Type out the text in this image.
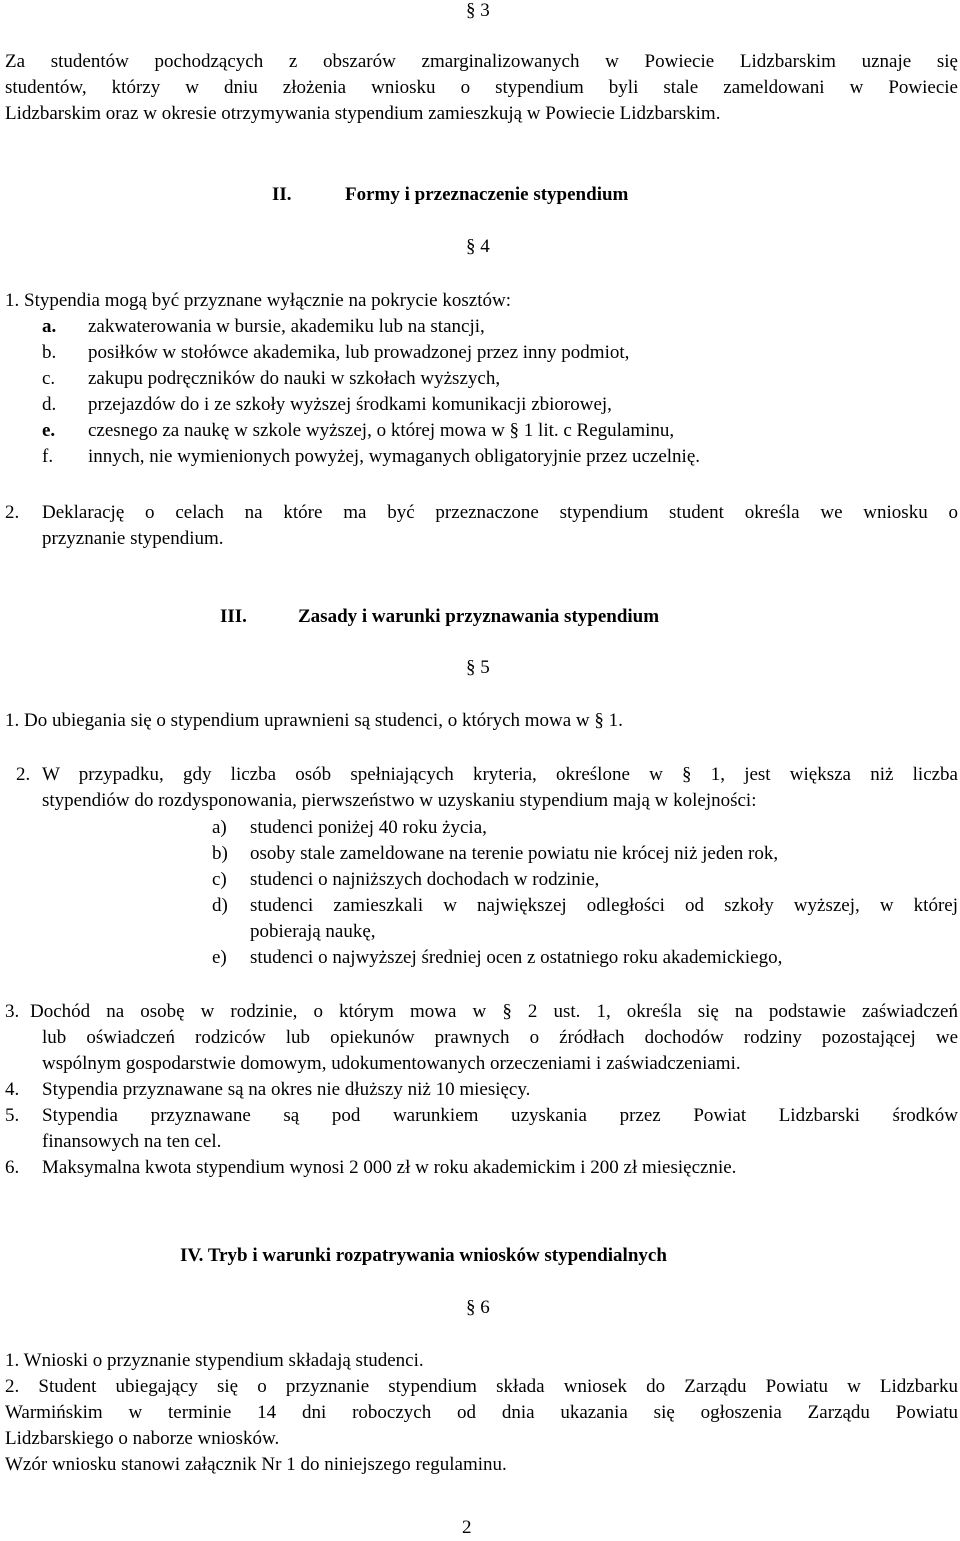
§ 3
Za studentów pochodzących z obszarów zmarginalizowanych w Powiecie Lidzbarskim uznaje się
studentów, którzy w dniu złożenia wniosku o stypendium byli stale zameldowani w Powiecie
Lidzbarskim oraz w okresie otrzymywania stypendium zamieszkują w Powiecie Lidzbarskim.
II.	Formy i przeznaczenie stypendium
§ 4
1. Stypendia mogą być przyznane wyłącznie na pokrycie kosztów:
a. zakwaterowania w bursie, akademiku lub na stancji,
b. posiłków w stołówce akademika, lub prowadzonej przez inny podmiot,
c. zakupu podręczników do nauki w szkołach wyższych,
d. przejazdów do i ze szkoły wyższej środkami komunikacji zbiorowej,
e. czesnego za naukę w szkole wyższej, o której mowa w § 1 lit. c Regulaminu,
f. innych, nie wymienionych powyżej, wymaganych obligatoryjnie przez uczelnię.
2. Deklarację o celach na które ma być przeznaczone stypendium student określa we wniosku o
przyznanie stypendium.
III.	Zasady i warunki przyznawania stypendium
§ 5
1. Do ubiegania się o stypendium uprawnieni są studenci, o których mowa w § 1.
2. W przypadku, gdy liczba osób spełniających kryteria, określone w § 1, jest większa niż liczba
stypendiów do rozdysponowania, pierwszeństwo w uzyskaniu stypendium mają w kolejności:
a) studenci poniżej 40 roku życia,
b) osoby stale zameldowane na terenie powiatu nie krócej niż jeden rok,
c) studenci o najniższych dochodach w rodzinie,
d) studenci zamieszkali w największej odległości od szkoły wyższej, w której
pobierają naukę,
e) studenci o najwyższej średniej ocen z ostatniego roku akademickiego,
3. Dochód na osobę w rodzinie, o którym mowa w § 2 ust. 1, określa się na podstawie zaświadczeń
lub oświadczeń rodziców lub opiekunów prawnych o źródłach dochodów rodziny pozostającej we
wspólnym gospodarstwie domowym, udokumentowanych orzeczeniami i zaświadczeniami.
4. Stypendia przyznawane są na okres nie dłuższy niż 10 miesięcy.
5. Stypendia przyznawane są pod warunkiem uzyskania przez Powiat Lidzbarski środków
finansowych na ten cel.
6. Maksymalna kwota stypendium wynosi 2 000 zł w roku akademickim i 200 zł miesięcznie.
IV. Tryb i warunki rozpatrywania wniosków stypendialnych
§ 6
1. Wnioski o przyznanie stypendium składają studenci.
2. Student ubiegający się o przyznanie stypendium składa wniosek do Zarządu Powiatu w Lidzbarku
Warmińskim w terminie 14 dni roboczych od dnia ukazania się ogłoszenia Zarządu Powiatu
Lidzbarskiego o naborze wniosków.
Wzór wniosku stanowi załącznik Nr 1 do niniejszego regulaminu.
2
